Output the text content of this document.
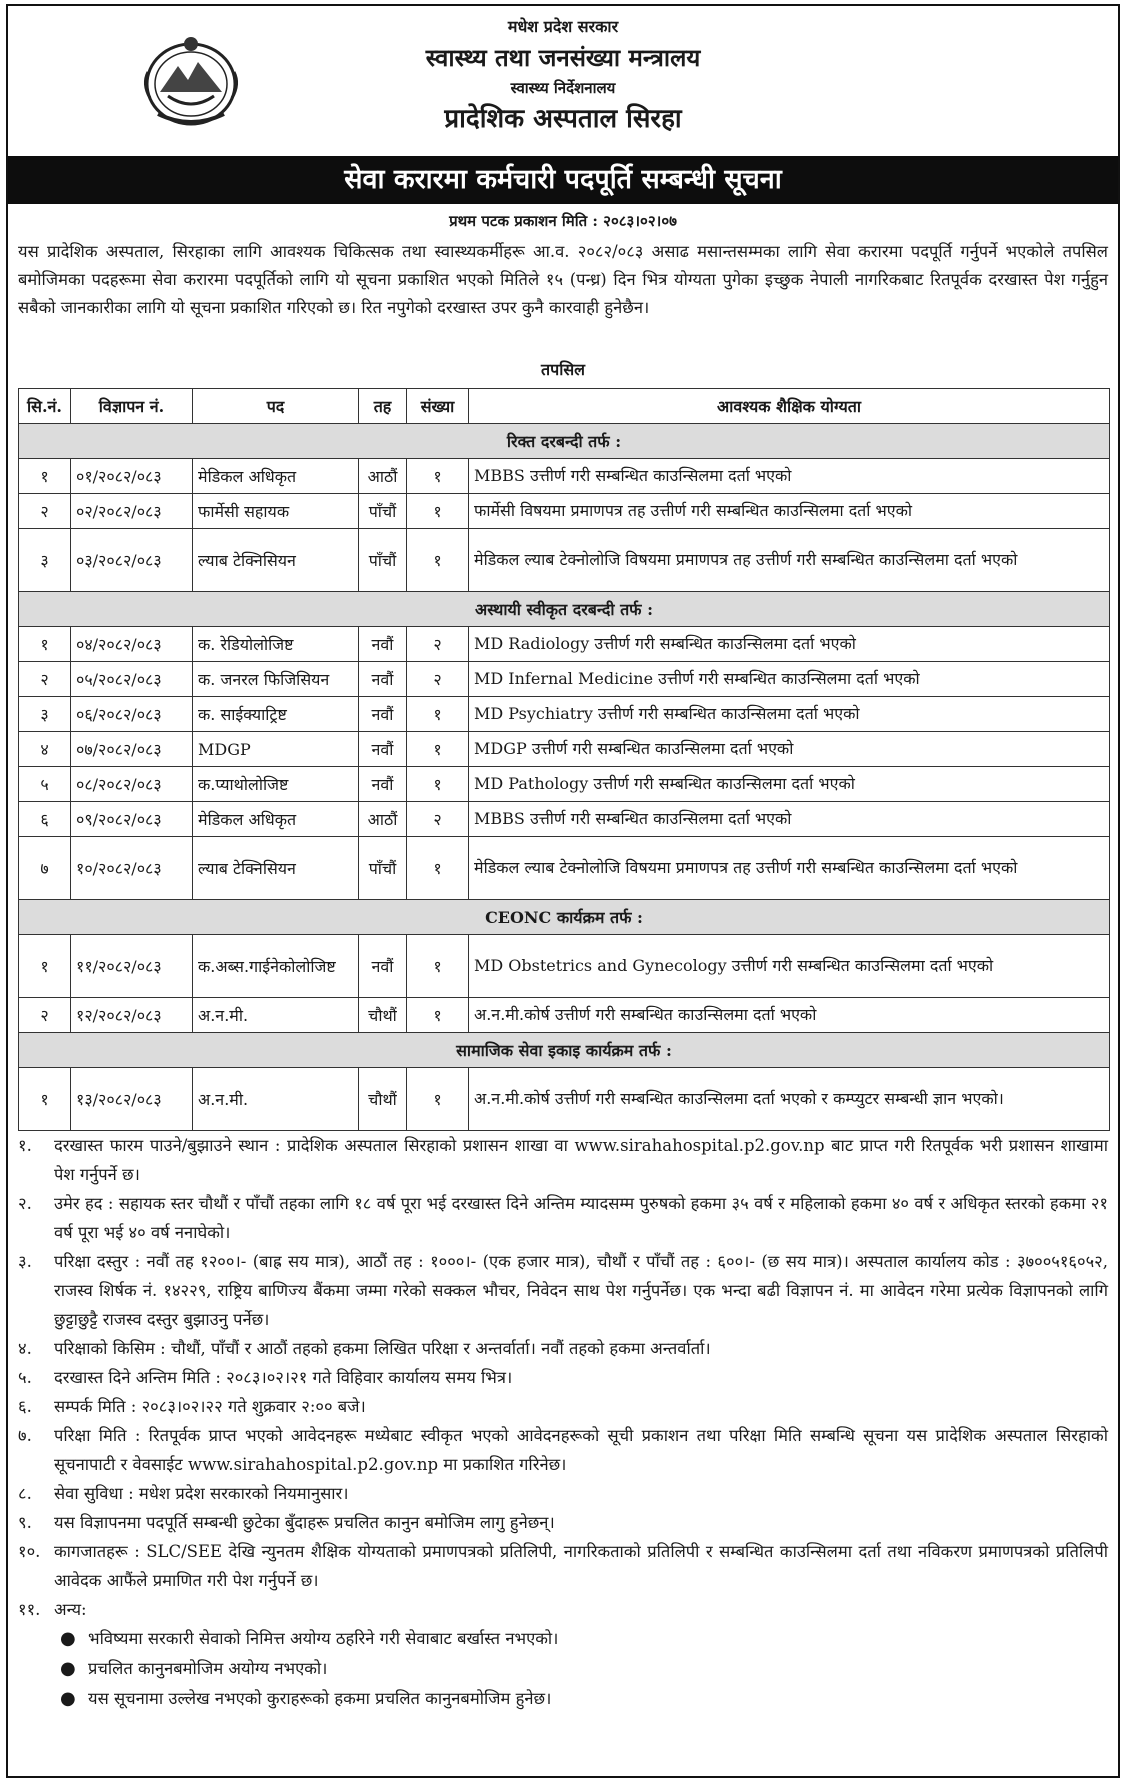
मधेश प्रदेश सरकार
स्वास्थ्य तथा जनसंख्या मन्त्रालय
स्वास्थ्य निर्देशनालय
प्रादेशिक अस्पताल सिरहा
सेवा करारमा कर्मचारी पदपूर्ति सम्बन्धी सूचना
प्रथम पटक प्रकाशन मिति : २०८३।०२।०७
यस प्रादेशिक अस्पताल, सिरहाका लागि आवश्यक चिकित्सक तथा स्वास्थ्यकर्मीहरू आ.व. २०८२/०८३ असाढ मसान्तसम्मका लागि सेवा करारमा पदपूर्ति गर्नुपर्ने भएकोले तपसिल बमोजिमका पदहरूमा सेवा करारमा पदपूर्तिको लागि यो सूचना प्रकाशित भएको मितिले १५ (पन्ध्र) दिन भित्र योग्यता पुगेका इच्छुक नेपाली नागरिकबाट रितपूर्वक दरखास्त पेश गर्नुहुन सबैको जानकारीका लागि यो सूचना प्रकाशित गरिएको छ। रित नपुगेको दरखास्त उपर कुनै कारवाही हुनेछैन।
तपसिल
सि.नं.	विज्ञापन नं.	पद	तह	संख्या	आवश्यक शैक्षिक योग्यता
रिक्त दरबन्दी तर्फ :					
१	०१/२०८२/०८३	मेडिकल अधिकृत	आठौं	१	MBBS उत्तीर्ण गरी सम्बन्धित काउन्सिलमा दर्ता भएको
२	०२/२०८२/०८३	फार्मेसी सहायक	पाँचौं	१	फार्मेसी विषयमा प्रमाणपत्र तह उत्तीर्ण गरी सम्बन्धित काउन्सिलमा दर्ता भएको
३	०३/२०८२/०८३	ल्याब टेक्निसियन	पाँचौं	१	मेडिकल ल्याब टेक्नोलोजि विषयमा प्रमाणपत्र तह उत्तीर्ण गरी सम्बन्धित काउन्सिलमा दर्ता भएको
अस्थायी स्वीकृत दरबन्दी तर्फ :					
१	०४/२०८२/०८३	क. रेडियोलोजिष्ट	नवौं	२	MD Radiology उत्तीर्ण गरी सम्बन्धित काउन्सिलमा दर्ता भएको
२	०५/२०८२/०८३	क. जनरल फिजिसियन	नवौं	२	MD Infernal Medicine उत्तीर्ण गरी सम्बन्धित काउन्सिलमा दर्ता भएको
३	०६/२०८२/०८३	क. साईक्याट्रिष्ट	नवौं	१	MD Psychiatry उत्तीर्ण गरी सम्बन्धित काउन्सिलमा दर्ता भएको
४	०७/२०८२/०८३	MDGP	नवौं	१	MDGP उत्तीर्ण गरी सम्बन्धित काउन्सिलमा दर्ता भएको
५	०८/२०८२/०८३	क.प्याथोलोजिष्ट	नवौं	१	MD Pathology उत्तीर्ण गरी सम्बन्धित काउन्सिलमा दर्ता भएको
६	०९/२०८२/०८३	मेडिकल अधिकृत	आठौं	२	MBBS उत्तीर्ण गरी सम्बन्धित काउन्सिलमा दर्ता भएको
७	१०/२०८२/०८३	ल्याब टेक्निसियन	पाँचौं	१	मेडिकल ल्याब टेक्नोलोजि विषयमा प्रमाणपत्र तह उत्तीर्ण गरी सम्बन्धित काउन्सिलमा दर्ता भएको
CEONC कार्यक्रम तर्फ :					
१	११/२०८२/०८३	क.अब्स.गाईनेकोलोजिष्ट	नवौं	१	MD Obstetrics and Gynecology उत्तीर्ण गरी सम्बन्धित काउन्सिलमा दर्ता भएको
२	१२/२०८२/०८३	अ.न.मी.	चौथौं	१	अ.न.मी.कोर्ष उत्तीर्ण गरी सम्बन्धित काउन्सिलमा दर्ता भएको
सामाजिक सेवा इकाइ कार्यक्रम तर्फ :					
१	१३/२०८२/०८३	अ.न.मी.	चौथौं	१	अ.न.मी.कोर्ष उत्तीर्ण गरी सम्बन्धित काउन्सिलमा दर्ता भएको र कम्प्युटर सम्बन्धी ज्ञान भएको।
१.	दरखास्त फारम पाउने/बुझाउने स्थान : प्रादेशिक अस्पताल सिरहाको प्रशासन शाखा वा www.sirahahospital.p2.gov.np बाट प्राप्त गरी रितपूर्वक भरी प्रशासन शाखामा पेश गर्नुपर्ने छ।
२.	उमेर हद : सहायक स्तर चौथौं र पाँचौं तहका लागि १८ वर्ष पूरा भई दरखास्त दिने अन्तिम म्यादसम्म पुरुषको हकमा ३५ वर्ष र महिलाको हकमा ४० वर्ष र अधिकृत स्तरको हकमा २१ वर्ष पूरा भई ४० वर्ष ननाघेको।
३.	परिक्षा दस्तुर : नवौं तह १२००।- (बाह्र सय मात्र), आठौं तह : १०००।- (एक हजार मात्र), चौथौं र पाँचौं तह : ६००।- (छ सय मात्र)। अस्पताल कार्यालय कोड : ३७००५१६०५२, राजस्व शिर्षक नं. १४२२९, राष्ट्रिय बाणिज्य बैंकमा जम्मा गरेको सक्कल भौचर, निवेदन साथ पेश गर्नुपर्नेछ। एक भन्दा बढी विज्ञापन नं. मा आवेदन गरेमा प्रत्येक विज्ञापनको लागि छुट्टाछुट्टै राजस्व दस्तुर बुझाउनु पर्नेछ।
४.	परिक्षाको किसिम : चौथौं, पाँचौं र आठौं तहको हकमा लिखित परिक्षा र अन्तर्वार्ता। नवौं तहको हकमा अन्तर्वार्ता।
५.	दरखास्त दिने अन्तिम मिति : २०८३।०२।२१ गते विहिवार कार्यालय समय भित्र।
६.	सम्पर्क मिति : २०८३।०२।२२ गते शुक्रवार २:०० बजे।
७.	परिक्षा मिति : रितपूर्वक प्राप्त भएको आवेदनहरू मध्येबाट स्वीकृत भएको आवेदनहरूको सूची प्रकाशन तथा परिक्षा मिति सम्बन्धि सूचना यस प्रादेशिक अस्पताल सिरहाको सूचनापाटी र वेवसाईट www.sirahahospital.p2.gov.np मा प्रकाशित गरिनेछ।
८.	सेवा सुविधा : मधेश प्रदेश सरकारको नियमानुसार।
९.	यस विज्ञापनमा पदपूर्ति सम्बन्धी छुटेका बुँदाहरू प्रचलित कानुन बमोजिम लागु हुनेछन्।
१०. कागजातहरू : SLC/SEE देखि न्युनतम शैक्षिक योग्यताको प्रमाणपत्रको प्रतिलिपी, नागरिकताको प्रतिलिपी र सम्बन्धित काउन्सिलमा दर्ता तथा नविकरण प्रमाणपत्रको प्रतिलिपी आवेदक आफैंले प्रमाणित गरी पेश गर्नुपर्ने छ।
११. अन्य:
● भविष्यमा सरकारी सेवाको निमित्त अयोग्य ठहरिने गरी सेवाबाट बर्खास्त नभएको।
● प्रचलित कानुनबमोजिम अयोग्य नभएको।
● यस सूचनामा उल्लेख नभएको कुराहरूको हकमा प्रचलित कानुनबमोजिम हुनेछ।
